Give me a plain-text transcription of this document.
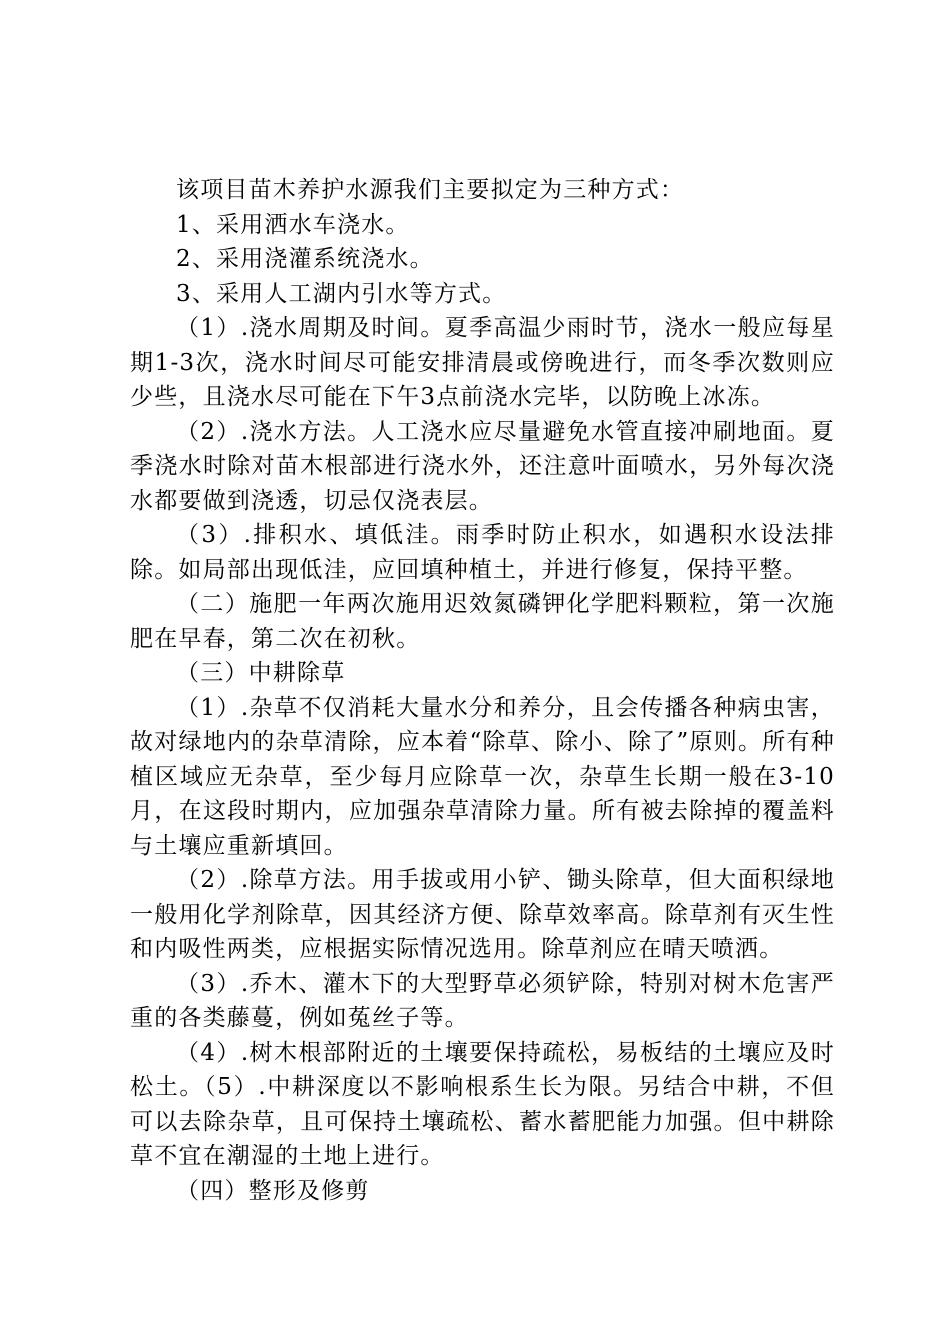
该项目苗木养护水源我们主要拟定为三种方式：

1、采用洒水车浇水。

2、采用浇灌系统浇水。

3、采用人工湖内引水等方式。

（1）.浇水周期及时间。夏季高温少雨时节，浇水一般应每星期1-3次，浇水时间尽可能安排清晨或傍晚进行，而冬季次数则应少些，且浇水尽可能在下午3点前浇水完毕，以防晚上冰冻。

（2）.浇水方法。人工浇水应尽量避免水管直接冲刷地面。夏季浇水时除对苗木根部进行浇水外，还注意叶面喷水，另外每次浇水都要做到浇透，切忌仅浇表层。

（3）.排积水、填低洼。雨季时防止积水，如遇积水设法排除。如局部出现低洼，应回填种植土，并进行修复，保持平整。

（二）施肥一年两次施用迟效氮磷钾化学肥料颗粒，第一次施肥在早春，第二次在初秋。

（三）中耕除草

（1）.杂草不仅消耗大量水分和养分，且会传播各种病虫害，故对绿地内的杂草清除，应本着“除草、除小、除了”原则。所有种植区域应无杂草，至少每月应除草一次，杂草生长期一般在3-10月，在这段时期内，应加强杂草清除力量。所有被去除掉的覆盖料与土壤应重新填回。

（2）.除草方法。用手拔或用小铲、锄头除草，但大面积绿地一般用化学剂除草，因其经济方便、除草效率高。除草剂有灭生性和内吸性两类，应根据实际情况选用。除草剂应在晴天喷洒。

（3）.乔木、灌木下的大型野草必须铲除，特别对树木危害严重的各类藤蔓，例如菟丝子等。

（4）.树木根部附近的土壤要保持疏松，易板结的土壤应及时松土。（5）.中耕深度以不影响根系生长为限。另结合中耕，不但可以去除杂草，且可保持土壤疏松、蓄水蓄肥能力加强。但中耕除草不宜在潮湿的土地上进行。

（四）整形及修剪
